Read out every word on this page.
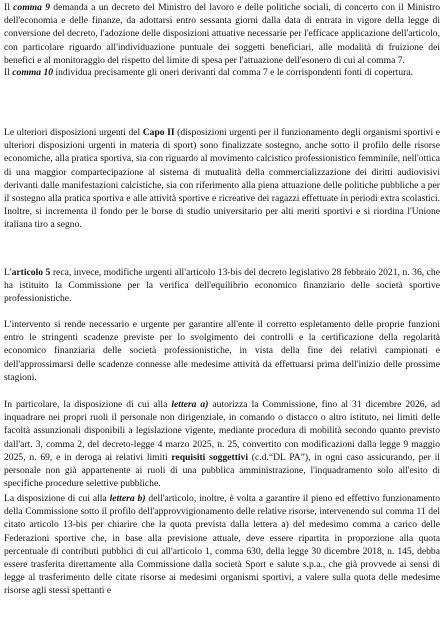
Il comma 9 demanda a un decreto del Ministro del lavoro e delle politiche sociali, di concerto con il Ministro dell'economia e delle finanze, da adottarsi entro sessanta giorni dalla data di entrata in vigore della legge di conversione del decreto, l'adozione delle disposizioni attuative necessarie per l'efficace applicazione dell'articolo, con particolare riguardo all'individuazione puntuale dei soggetti beneficiari, alle modalità di fruizione dei benefici e al monitoraggio del rispetto del limite di spesa per l'attuazione dell'esonero di cui al comma 7.

Il comma 10 individua precisamente gli oneri derivanti dal comma 7 e le corrispondenti fonti di copertura.

Le ulteriori disposizioni urgenti del Capo II (disposizioni urgenti per il funzionamento degli organismi sportivi e ulteriori disposizioni urgenti in materia di sport) sono finalizzate sostegno, anche sotto il profilo delle risorse economiche, alla pratica sportiva, sia con riguardo al movimento calcistico professionistico femminile, nell'ottica di una maggior compartecipazione al sistema di mutualità della commercializzazione dei diritti audiovisivi derivanti dalle manifestazioni calcistiche, sia con riferimento alla piena attuazione delle politiche pubbliche a per il sostegno alla pratica sportiva e alle attività sportive e ricreative dei ragazzi effettuate in periodi extra scolastici. Inoltre, si incrementa il fondo per le borse di studio universitario per alti meriti sportivi e si riordina l'Unione italiana tiro a segno.

L'articolo 5 reca, invece, modifiche urgenti all'articolo 13-bis del decreto legislativo 28 febbraio 2021, n. 36, che ha istituito la Commissione per la verifica dell'equilibrio economico finanziario delle società sportive professionistiche.

L'intervento si rende necessario e urgente per garantire all'ente il corretto espletamento delle proprie funzioni entro le stringenti scadenze previste per lo svolgimento dei controlli e la certificazione della regolarità economico finanziaria delle società professionistiche, in vista della fine dei relativi campionati e dell'approssimarsi delle scadenze connesse alle medesime attività da effettuarsi prima dell'inizio delle prossime stagioni.

In particolare, la disposizione di cui alla lettera a) autorizza la Commissione, fino al 31 dicembre 2026, ad inquadrare nei propri ruoli il personale non dirigenziale, in comando o distacco o altro istituto, nei limiti delle facoltà assunzionali disponibili a legislazione vigente, mediante procedura di mobilità secondo quanto previsto dall'art. 3, comma 2, del decreto-legge 4 marzo 2025, n. 25, convertito con modificazioni dalla legge 9 maggio 2025, n. 69, e in deroga ai relativi limiti requisiti soggettivi (c.d.“DL PA”), in ogni caso assicurando, per il personale non già appartenente ai ruoli di una pubblica amministrazione, l'inquadramento solo all'esito di specifiche procedure selettive pubbliche.

La disposizione di cui alla lettera b) dell'articolo, inoltre, è volta a garantire il pieno ed effettivo funzionamento della Commissione sotto il profilo dell'approvvigionamento delle relative risorse, intervenendo sul comma 11 del citato articolo 13-bis per chiarire che la quota prevista dalla lettera a) del medesimo comma a carico delle Federazioni sportive che, in base alla previsione attuale, deve essere ripartita in proporzione alla quota percentuale di contributi pubblici di cui all'articolo 1, comma 630, della legge 30 dicembre 2018, n. 145, debba essere trasferita direttamente alla Commissione dalla società Sport e salute s.p.a., che già provvede ai sensi di legge al trasferimento delle citate risorse ai medesimi organismi sportivi, a valere sulla quota delle medesime risorse agli stessi spettanti e
